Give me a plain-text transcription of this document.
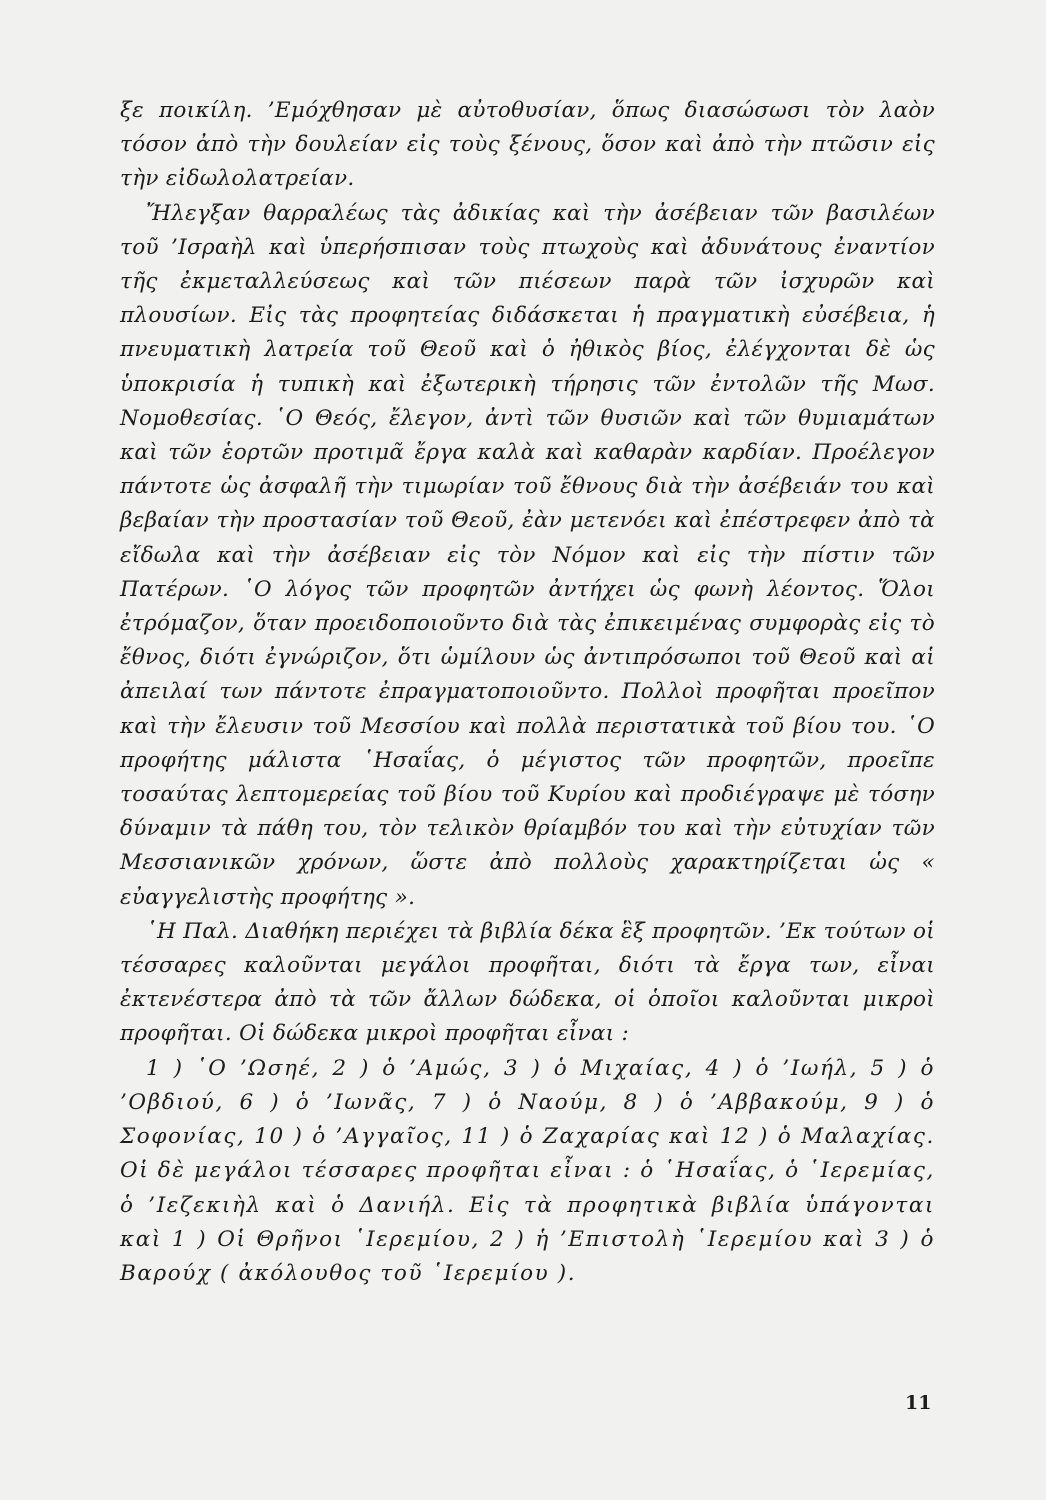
ξε ποικίλη. ’Εμόχθησαν μὲ αὐτοθυσίαν, ὅπως διασώσωσι τὸν λαὸν τόσον ἀπὸ τὴν δουλείαν εἰς τοὺς ξένους, ὅσον καὶ ἀπὸ τὴν πτῶσιν εἰς τὴν εἰδωλολατρείαν.

Ἤλεγξαν θαρραλέως τὰς ἀδικίας καὶ τὴν ἀσέβειαν τῶν βασιλέων τοῦ ’Ισραὴλ καὶ ὑπερήσπισαν τοὺς πτωχοὺς καὶ ἀδυνάτους ἐναντίον τῆς ἐκμεταλλεύσεως καὶ τῶν πιέσεων παρὰ τῶν ἰσχυρῶν καὶ πλουσίων. Εἰς τὰς προφητείας διδάσκεται ἡ πραγματικὴ εὐσέβεια, ἡ πνευματικὴ λατρεία τοῦ Θεοῦ καὶ ὁ ἠθικὸς βίος, ἐλέγχονται δὲ ὡς ὑποκρισία ἡ τυπικὴ καὶ ἐξωτερικὴ τήρησις τῶν ἐντολῶν τῆς Μωσ. Νομοθεσίας. ῾Ο Θεός, ἔλεγον, ἀντὶ τῶν θυσιῶν καὶ τῶν θυμιαμάτων καὶ τῶν ἑορτῶν προτιμᾶ ἔργα καλὰ καὶ καθαρὰν καρδίαν. Προέλεγον πάντοτε ὡς ἀσφαλῆ τὴν τιμωρίαν τοῦ ἔθνους διὰ τὴν ἀσέβειάν του καὶ βεβαίαν τὴν προστασίαν τοῦ Θεοῦ, ἐὰν μετενόει καὶ ἐπέστρεφεν ἀπὸ τὰ εἴδωλα καὶ τὴν ἀσέβειαν εἰς τὸν Νόμον καὶ εἰς τὴν πίστιν τῶν Πατέρων. ῾Ο λόγος τῶν προφητῶν ἀντήχει ὡς φωνὴ λέοντος. Ὅλοι ἐτρόμαζον, ὅταν προειδοποιοῦντο διὰ τὰς ἐπικειμένας συμφορὰς εἰς τὸ ἔθνος, διότι ἐγνώριζον, ὅτι ὡμίλουν ὡς ἀντιπρόσωποι τοῦ Θεοῦ καὶ αἱ ἀπειλαί των πάντοτε ἐπραγματοποιοῦντο. Πολλοὶ προφῆται προεῖπον καὶ τὴν ἔλευσιν τοῦ Μεσσίου καὶ πολλὰ περιστατικὰ τοῦ βίου του. ῾Ο προφήτης μάλιστα ῾Ησαΐας, ὁ μέγιστος τῶν προφητῶν, προεῖπε τοσαύτας λεπτομερείας τοῦ βίου τοῦ Κυρίου καὶ προδιέγραψε μὲ τόσην δύναμιν τὰ πάθη του, τὸν τελικὸν θρίαμβόν του καὶ τὴν εὐτυχίαν τῶν Μεσσιανικῶν χρόνων, ὥστε ἀπὸ πολλοὺς χαρακτηρίζεται ὡς « εὐαγγελιστὴς προφήτης ».

῾Η Παλ. Διαθήκη περιέχει τὰ βιβλία δέκα ἓξ προφητῶν. ’Εκ τούτων οἱ τέσσαρες καλοῦνται μεγάλοι προφῆται, διότι τὰ ἔργα των, εἶναι ἐκτενέστερα ἀπὸ τὰ τῶν ἄλλων δώδεκα, οἱ ὁποῖοι καλοῦνται μικροὶ προφῆται. Οἱ δώδεκα μικροὶ προφῆται εἶναι :

1 ) ῾Ο ’Ωσηέ, 2 ) ὁ ’Αμώς, 3 ) ὁ Μιχαίας, 4 ) ὁ ’Ιωήλ, 5 ) ὁ ’Οβδιού, 6 ) ὁ ’Ιωνᾶς, 7 ) ὁ Ναούμ, 8 ) ὁ ’Αββακούμ, 9 ) ὁ Σοφονίας, 10 ) ὁ ’Αγγαῖος, 11 ) ὁ Ζαχαρίας καὶ 12 ) ὁ Μαλαχίας. Οἱ δὲ μεγάλοι τέσσαρες προφῆται εἶναι : ὁ ῾Ησαΐας, ὁ ῾Ιερεμίας, ὁ ’Ιεζεκιὴλ καὶ ὁ Δανιήλ. Εἰς τὰ προφητικὰ βιβλία ὑπάγονται καὶ 1 ) Οἱ Θρῆνοι ῾Ιερεμίου, 2 ) ἡ ’Επιστολὴ ῾Ιερεμίου καὶ 3 ) ὁ Βαρούχ ( ἀκόλουθος τοῦ ῾Ιερεμίου ).

11
